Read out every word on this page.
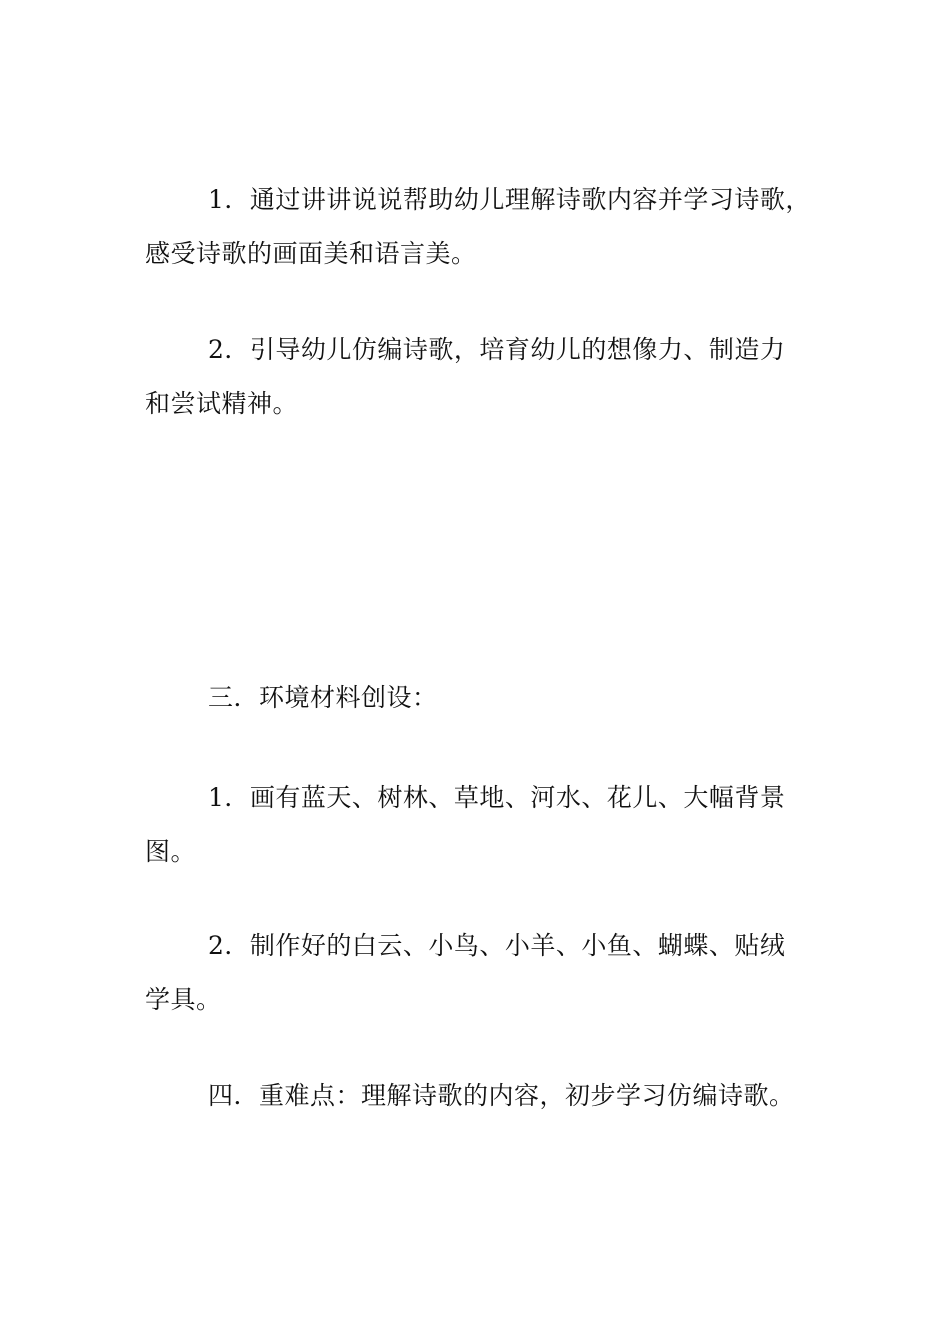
1．通过讲讲说说帮助幼儿理解诗歌内容并学习诗歌，
感受诗歌的画面美和语言美。
2．引导幼儿仿编诗歌，培育幼儿的想像力、制造力
和尝试精神。
三．环境材料创设：
1．画有蓝天、树林、草地、河水、花儿、大幅背景
图。
2．制作好的白云、小鸟、小羊、小鱼、蝴蝶、贴绒
学具。
四．重难点：理解诗歌的内容，初步学习仿编诗歌。
